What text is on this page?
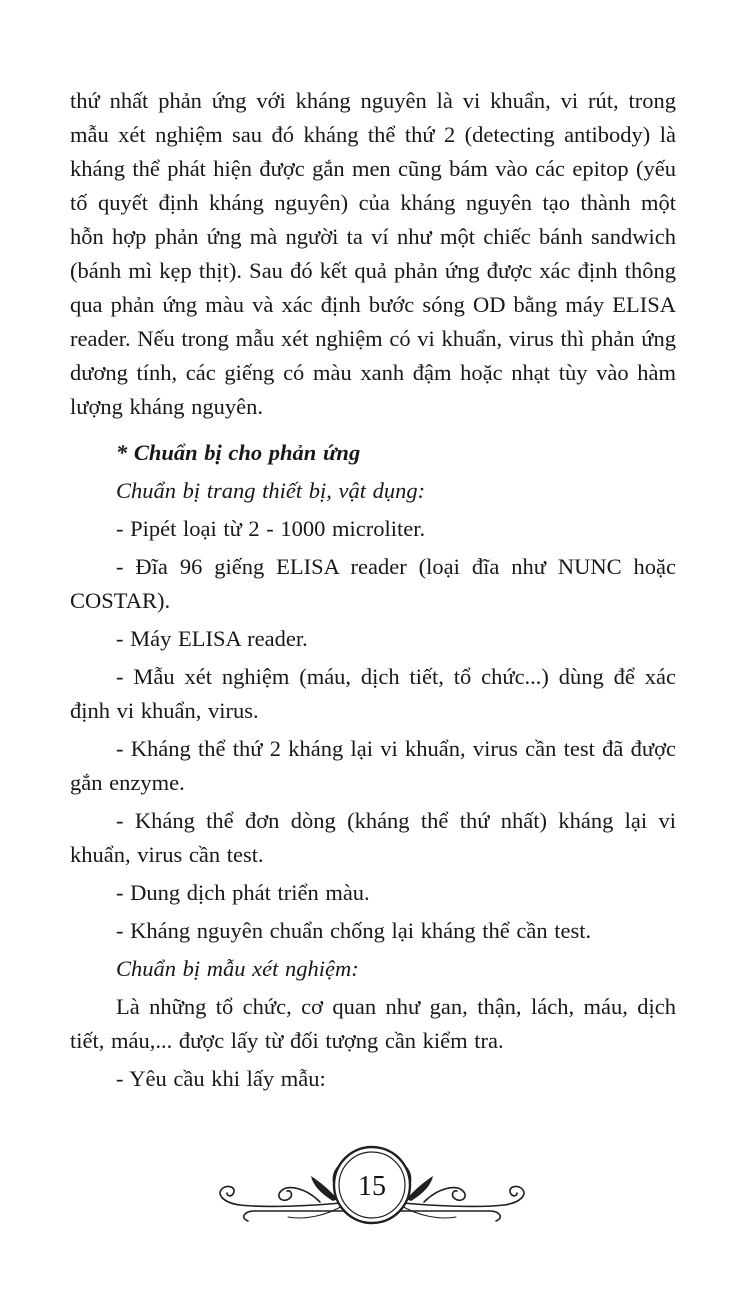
thứ nhất phản ứng với kháng nguyên là vi khuẩn, vi rút, trong mẫu xét nghiệm sau đó kháng thể thứ 2 (detecting antibody) là kháng thể phát hiện được gắn men cũng bám vào các epitop (yếu tố quyết định kháng nguyên) của kháng nguyên tạo thành một hỗn hợp phản ứng mà người ta ví như một chiếc bánh sandwich (bánh mì kẹp thịt). Sau đó kết quả phản ứng được xác định thông qua phản ứng màu và xác định bước sóng OD bằng máy ELISA reader. Nếu trong mẫu xét nghiệm có vi khuẩn, virus thì phản ứng dương tính, các giếng có màu xanh đậm hoặc nhạt tùy vào hàm lượng kháng nguyên.

* Chuẩn bị cho phản ứng

Chuẩn bị trang thiết bị, vật dụng:

- Pipét loại từ 2 - 1000 microliter.

- Đĩa 96 giếng ELISA reader (loại đĩa như NUNC hoặc COSTAR).

- Máy ELISA reader.

- Mẫu xét nghiệm (máu, dịch tiết, tổ chức...) dùng để xác định vi khuẩn, virus.

- Kháng thể thứ 2 kháng lại vi khuẩn, virus cần test đã được gắn enzyme.

- Kháng thể đơn dòng (kháng thể thứ nhất) kháng lại vi khuẩn, virus cần test.

- Dung dịch phát triển màu.

- Kháng nguyên chuẩn chống lại kháng thể cần test.

Chuẩn bị mẫu xét nghiệm:

Là những tổ chức, cơ quan như gan, thận, lách, máu, dịch tiết, máu,... được lấy từ đối tượng cần kiểm tra.

- Yêu cầu khi lấy mẫu:

15
